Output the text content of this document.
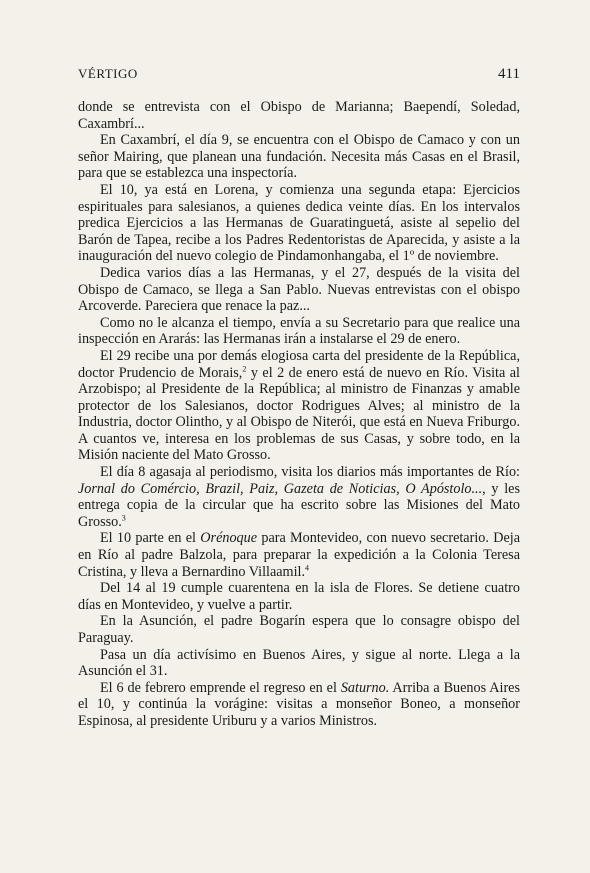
VÉRTIGO	411

donde se entrevista con el Obispo de Marianna; Baependí, Soledad, Caxambrí...

En Caxambrí, el día 9, se encuentra con el Obispo de Camaco y con un señor Mairing, que planean una fundación. Necesita más Casas en el Brasil, para que se establezca una inspectoría.

El 10, ya está en Lorena, y comienza una segunda etapa: Ejercicios espirituales para salesianos, a quienes dedica veinte días. En los intervalos predica Ejercicios a las Hermanas de Guaratinguetá, asiste al sepelio del Barón de Tapea, recibe a los Padres Redentoristas de Aparecida, y asiste a la inauguración del nuevo colegio de Pindamonhangaba, el 1º de noviembre.

Dedica varios días a las Hermanas, y el 27, después de la visita del Obispo de Camaco, se llega a San Pablo. Nuevas entrevistas con el obispo Arcoverde. Pareciera que renace la paz...

Como no le alcanza el tiempo, envía a su Secretario para que realice una inspección en Ararás: las Hermanas irán a instalarse el 29 de enero.

El 29 recibe una por demás elogiosa carta del presidente de la República, doctor Prudencio de Morais,$^2$ y el 2 de enero está de nuevo en Río. Visita al Arzobispo; al Presidente de la República; al ministro de Finanzas y amable protector de los Salesianos, doctor Rodrigues Alves; al ministro de la Industria, doctor Olintho, y al Obispo de Niterói, que está en Nueva Friburgo. A cuantos ve, interesa en los problemas de sus Casas, y sobre todo, en la Misión naciente del Mato Grosso.

El día 8 agasaja al periodismo, visita los diarios más importantes de Río: Jornal do Comércio, Brazil, Paiz, Gazeta de Noticias, O Apóstolo..., y les entrega copia de la circular que ha escrito sobre las Misiones del Mato Grosso.$^3$

El 10 parte en el Orénoque para Montevideo, con nuevo secretario. Deja en Río al padre Balzola, para preparar la expedición a la Colonia Teresa Cristina, y lleva a Bernardino Villaamil.$^4$

Del 14 al 19 cumple cuarentena en la isla de Flores. Se detiene cuatro días en Montevideo, y vuelve a partir.

En la Asunción, el padre Bogarín espera que lo consagre obispo del Paraguay.

Pasa un día activísimo en Buenos Aires, y sigue al norte. Llega a la Asunción el 31.

El 6 de febrero emprende el regreso en el Saturno. Arriba a Buenos Aires el 10, y continúa la vorágine: visitas a monseñor Boneo, a monseñor Espinosa, al presidente Uriburu y a varios Ministros.
